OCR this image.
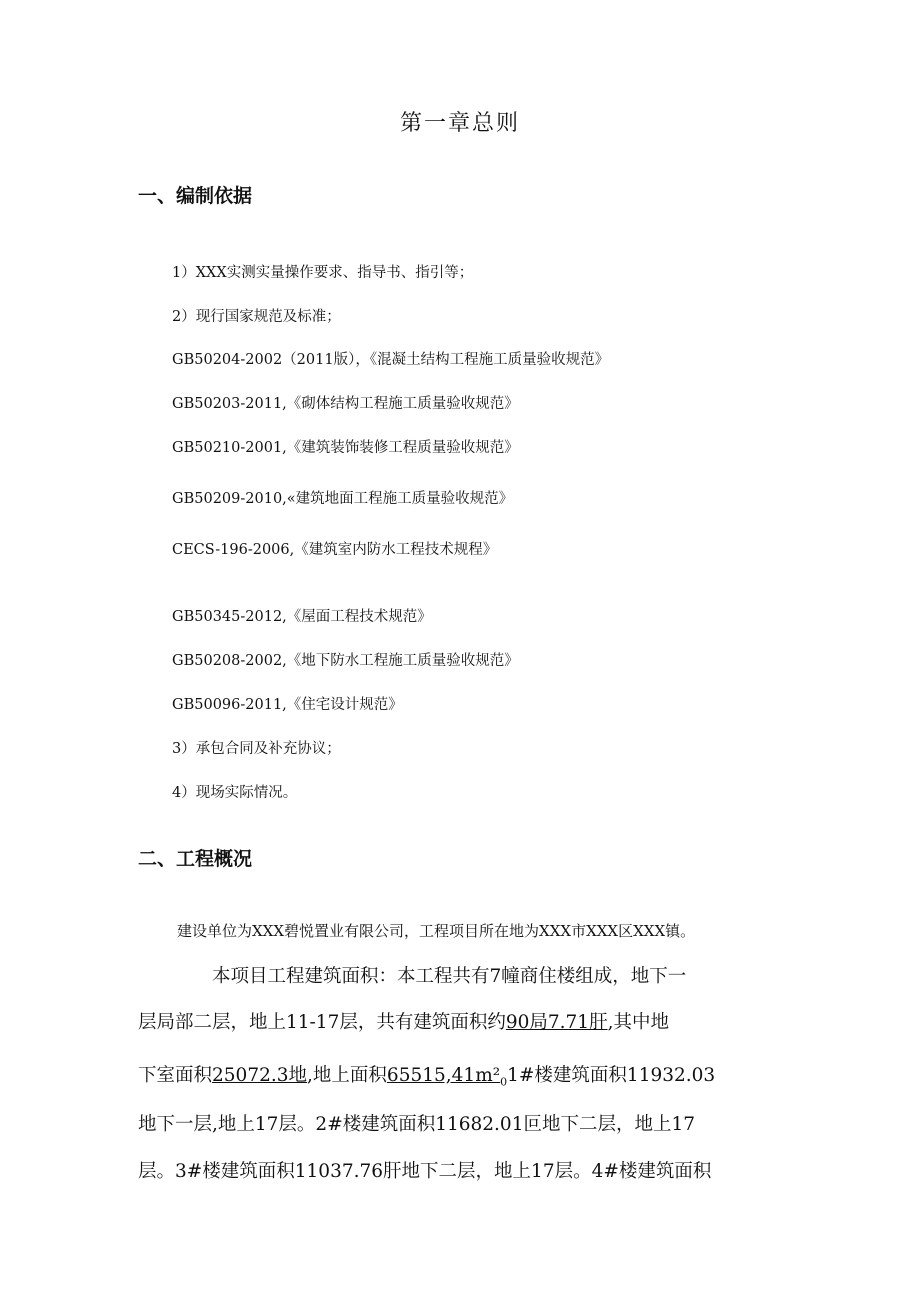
第一章总则
一、编制依据
1）XXX实测实量操作要求、指导书、指引等；
2）现行国家规范及标准；
GB50204-2002（2011版），《混凝土结构工程施工质量验收规范》
GB50203-2011,《砌体结构工程施工质量验收规范》
GB50210-2001,《建筑装饰装修工程质量验收规范》
GB50209-2010,«建筑地面工程施工质量验收规范》
CECS-196-2006,《建筑室内防水工程技术规程》
GB50345-2012,《屋面工程技术规范》
GB50208-2002,《地下防水工程施工质量验收规范》
GB50096-2011,《住宅设计规范》
3）承包合同及补充协议；
4）现场实际情况。
二、工程概况
建设单位为XXX碧悦置业有限公司，工程项目所在地为XXX市XXX区XXX镇。
本项目工程建筑面积：本工程共有7幢商住楼组成，地下一
层局部二层，地上11-17层，共有建筑面积约90局7.71肝,其中地
下室面积25072.3地,地上面积$65515,41m^2_01\#$楼建筑面积11932.03
地下一层,地上17层。2#楼建筑面积11682.01叵地下二层，地上17
层。3#楼建筑面积11037.76肝地下二层，地上17层。4#楼建筑面积
